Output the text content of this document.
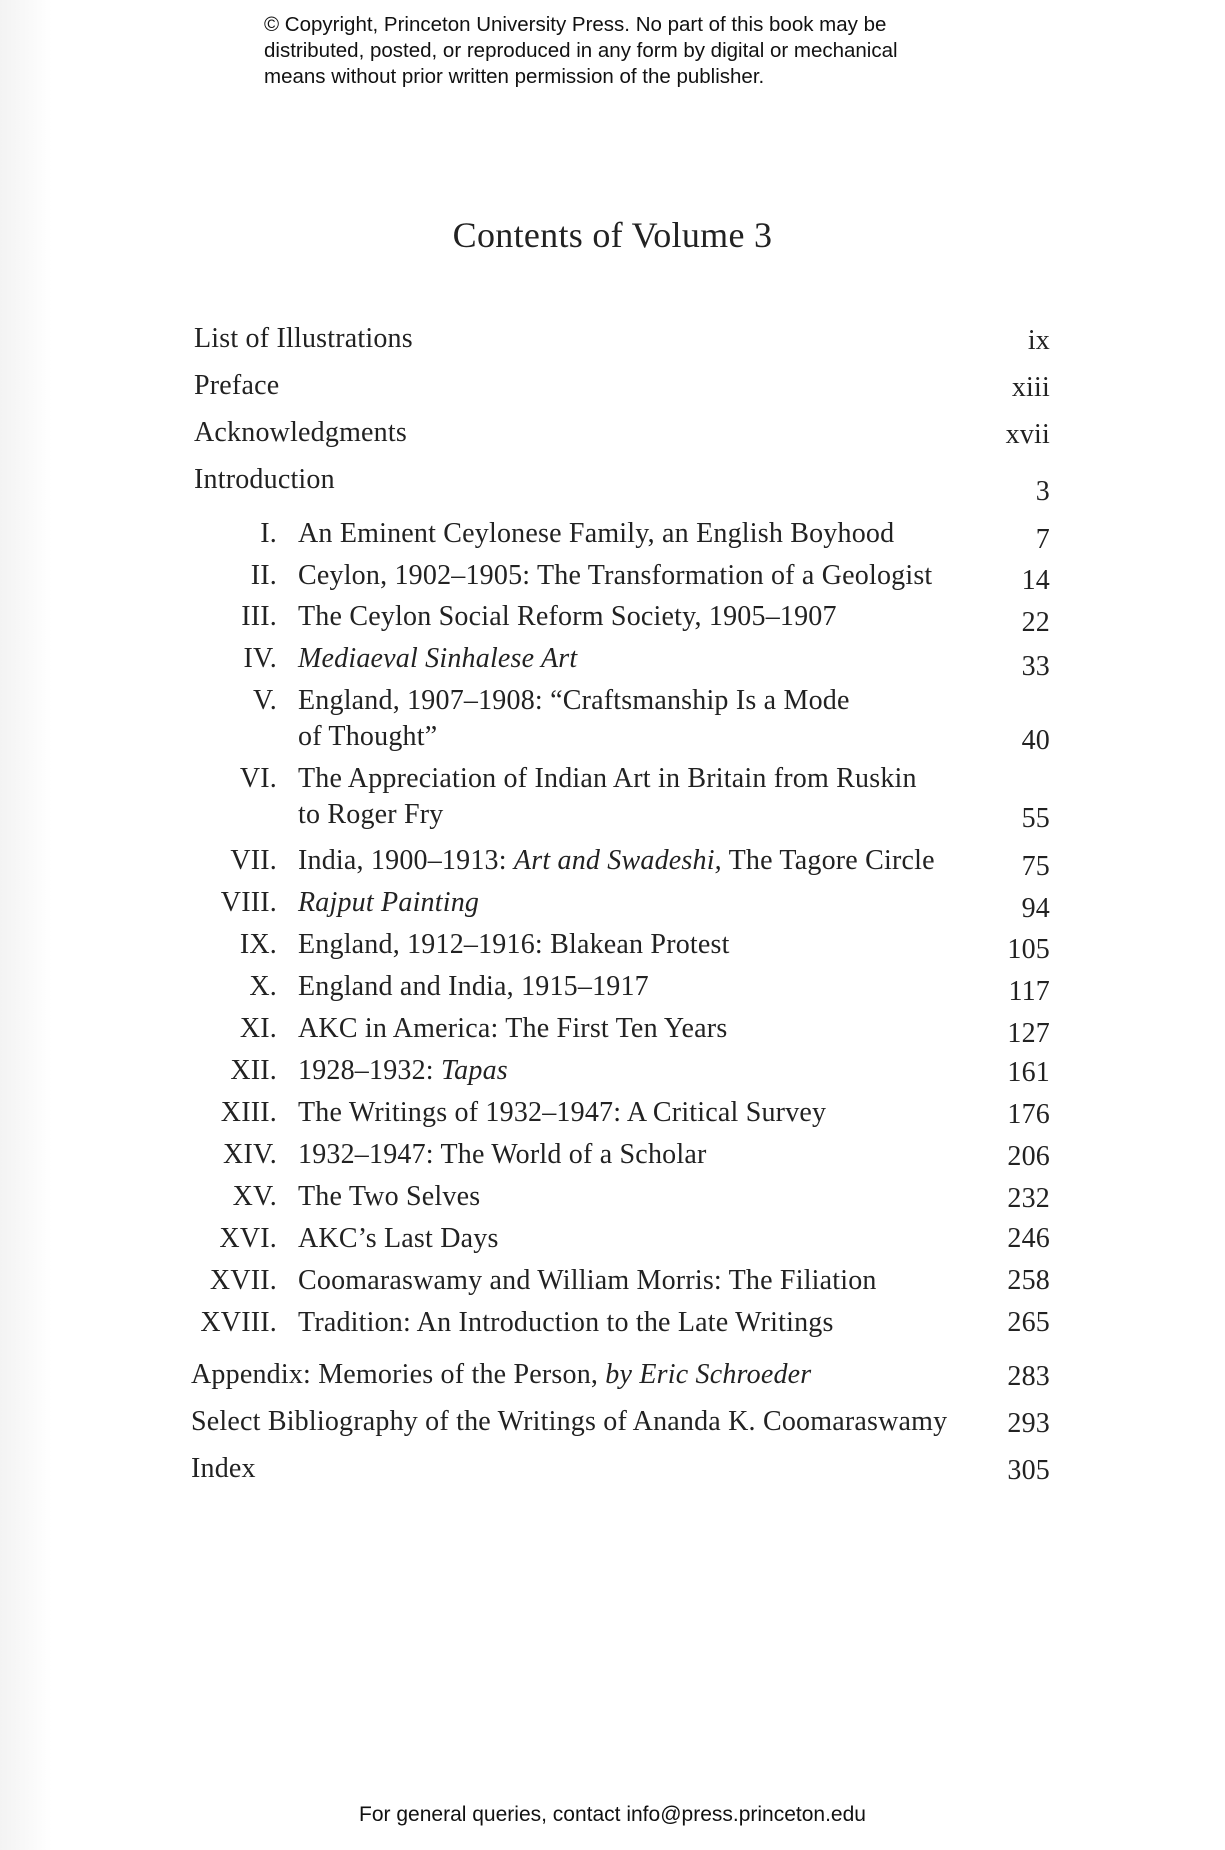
© Copyright, Princeton University Press. No part of this book may be
distributed, posted, or reproduced in any form by digital or mechanical
means without prior written permission of the publisher.
Contents of Volume 3
List of Illustrations	ix
Preface	xiii
Acknowledgments	xvii
Introduction	3
I. An Eminent Ceylonese Family, an English Boyhood	7
II. Ceylon, 1902–1905: The Transformation of a Geologist	14
III. The Ceylon Social Reform Society, 1905–1907	22
IV. Mediaeval Sinhalese Art	33
V. England, 1907–1908: “Craftsmanship Is a Mode
of Thought”	40
VI. The Appreciation of Indian Art in Britain from Ruskin
to Roger Fry	55
VII. India, 1900–1913: Art and Swadeshi, The Tagore Circle	75
VIII. Rajput Painting	94
IX. England, 1912–1916: Blakean Protest	105
X. England and India, 1915–1917	117
XI. AKC in America: The First Ten Years	127
XII. 1928–1932: Tapas	161
XIII. The Writings of 1932–1947: A Critical Survey	176
XIV. 1932–1947: The World of a Scholar	206
XV. The Two Selves	232
XVI. AKC’s Last Days	246
XVII. Coomaraswamy and William Morris: The Filiation	258
XVIII. Tradition: An Introduction to the Late Writings	265
Appendix: Memories of the Person, by Eric Schroeder	283
Select Bibliography of the Writings of Ananda K. Coomaraswamy	293
Index	305
For general queries, contact info@press.princeton.edu
